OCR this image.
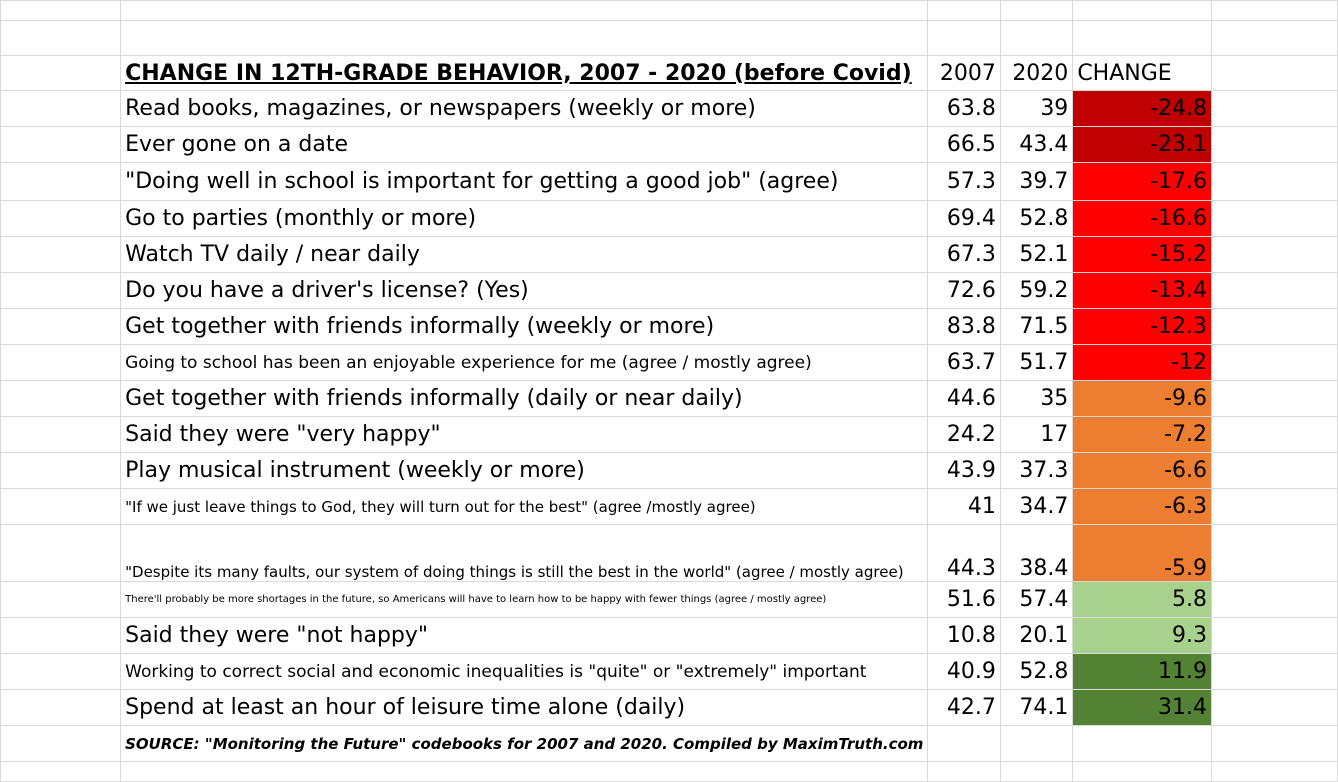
	CHANGE IN 12TH-GRADE BEHAVIOR, 2007 - 2020 (before Covid)	2007	2020	CHANGE	
	Read books, magazines, or newspapers (weekly or more)	63.8	39	-24.8	
	Ever gone on a date	66.5	43.4	-23.1	
	"Doing well in school is important for getting a good job" (agree)	57.3	39.7	-17.6	
	Go to parties (monthly or more)	69.4	52.8	-16.6	
	Watch TV daily / near daily	67.3	52.1	-15.2	
	Do you have a driver's license? (Yes)	72.6	59.2	-13.4	
	Get together with friends informally (weekly or more)	83.8	71.5	-12.3	
	Going to school has been an enjoyable experience for me (agree / mostly agree)	63.7	51.7	-12	
	Get together with friends informally (daily or near daily)	44.6	35	-9.6	
	Said they were "very happy"	24.2	17	-7.2	
	Play musical instrument (weekly or more)	43.9	37.3	-6.6	
	"If we just leave things to God, they will turn out for the best" (agree /mostly agree)	41	34.7	-6.3	
	"Despite its many faults, our system of doing things is still the best in the world" (agree / mostly agree)	44.3	38.4	-5.9	
	There'll probably be more shortages in the future, so Americans will have to learn how to be happy with fewer things (agree / mostly agree)	51.6	57.4	5.8	
	Said they were "not happy"	10.8	20.1	9.3	
	Working to correct social and economic inequalities is "quite" or "extremely" important	40.9	52.8	11.9	
	Spend at least an hour of leisure time alone (daily)	42.7	74.1	31.4	
	SOURCE: "Monitoring the Future" codebooks for 2007 and 2020. Compiled by MaximTruth.com				
